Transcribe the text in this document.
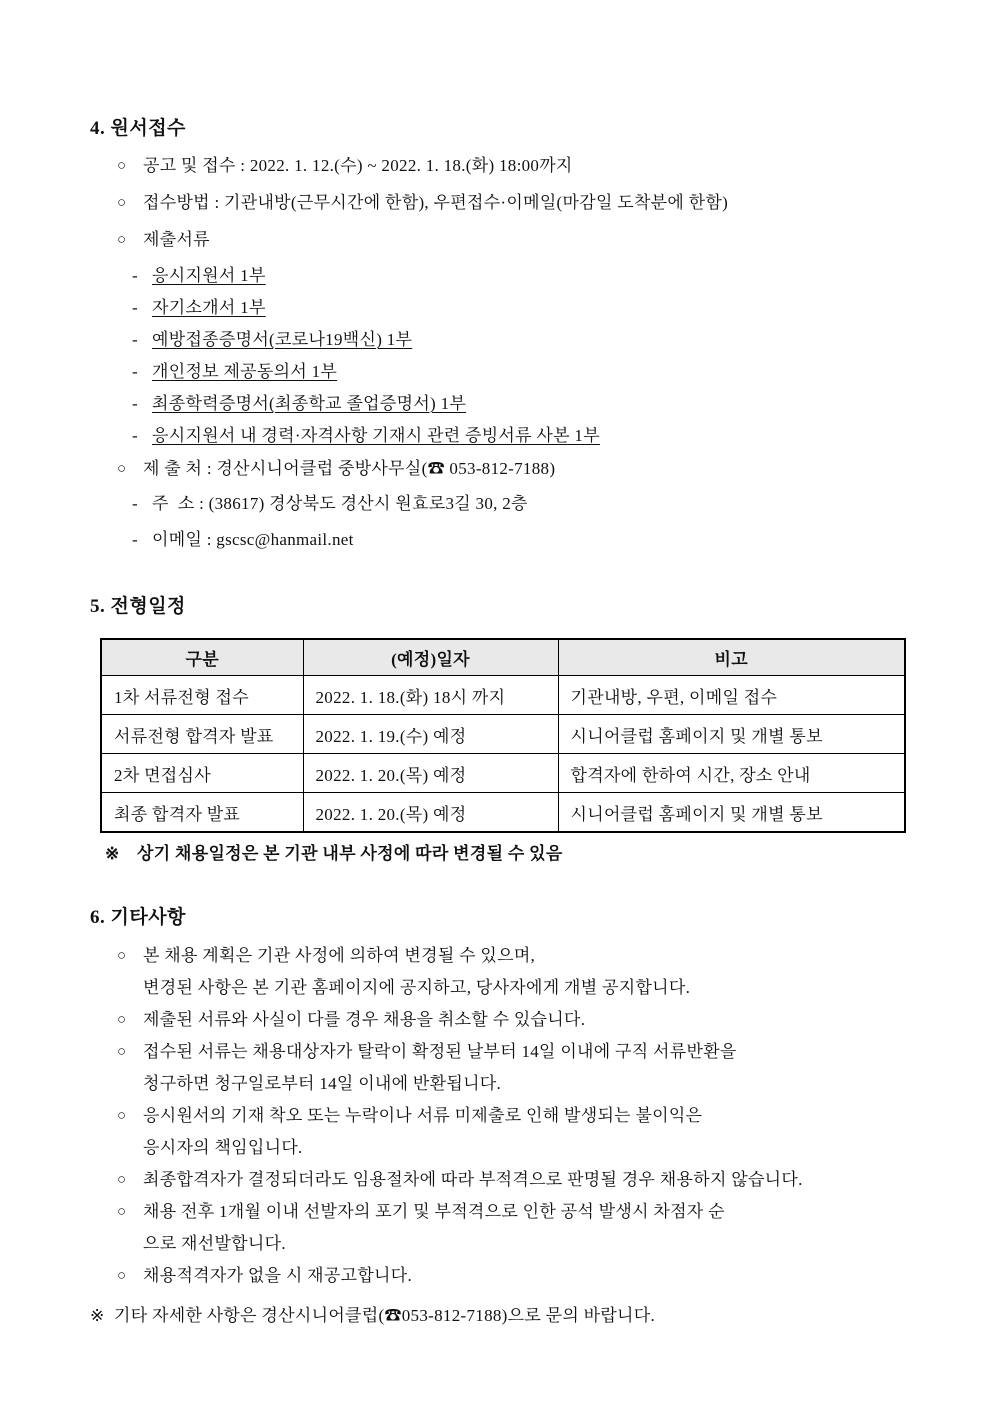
4. 원서접수
○ 공고 및 접수 : 2022. 1. 12.(수) ~ 2022. 1. 18.(화) 18:00까지
○ 접수방법 : 기관내방(근무시간에 한함), 우편접수·이메일(마감일 도착분에 한함)
○ 제출서류
- 응시지원서 1부
- 자기소개서 1부
- 예방접종증명서(코로나19백신) 1부
- 개인정보 제공동의서 1부
- 최종학력증명서(최종학교 졸업증명서) 1부
- 응시지원서 내 경력·자격사항 기재시 관련 증빙서류 사본 1부
○ 제 출 처 : 경산시니어클럽 중방사무실(☎ 053-812-7188)
- 주  소 : (38617) 경상북도 경산시 원효로3길 30, 2층
- 이메일 : gscsc@hanmail.net
5. 전형일정
구분	(예정)일자	비고
1차 서류전형 접수	2022. 1. 18.(화) 18시 까지	기관내방, 우편, 이메일 접수
서류전형 합격자 발표	2022. 1. 19.(수) 예정	시니어클럽 홈페이지 및 개별 통보
2차 면접심사	2022. 1. 20.(목) 예정	합격자에 한하여 시간, 장소 안내
최종 합격자 발표	2022. 1. 20.(목) 예정	시니어클럽 홈페이지 및 개별 통보
※	상기 채용일정은 본 기관 내부 사정에 따라 변경될 수 있음
6. 기타사항
○ 본 채용 계획은 기관 사정에 의하여 변경될 수 있으며,
변경된 사항은 본 기관 홈페이지에 공지하고, 당사자에게 개별 공지합니다.
○ 제출된 서류와 사실이 다를 경우 채용을 취소할 수 있습니다.
○ 접수된 서류는 채용대상자가 탈락이 확정된 날부터 14일 이내에 구직 서류반환을
청구하면 청구일로부터 14일 이내에 반환됩니다.
○ 응시원서의 기재 착오 또는 누락이나 서류 미제출로 인해 발생되는 불이익은
응시자의 책임입니다.
○ 최종합격자가 결정되더라도 임용절차에 따라 부적격으로 판명될 경우 채용하지 않습니다.
○ 채용 전후 1개월 이내 선발자의 포기 및 부적격으로 인한 공석 발생시 차점자 순
으로 재선발합니다.
○ 채용적격자가 없을 시 재공고합니다.
※ 기타 자세한 사항은 경산시니어클럽(☎053-812-7188)으로 문의 바랍니다.
